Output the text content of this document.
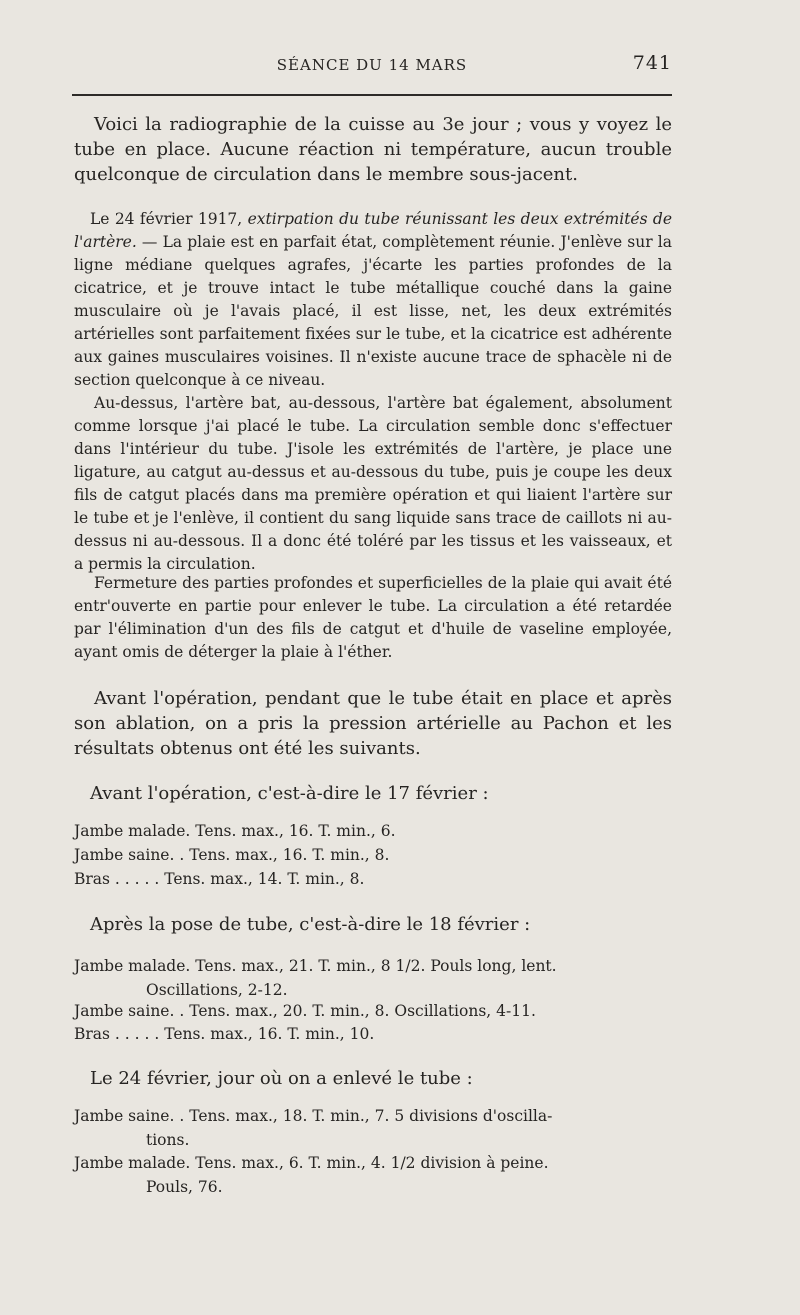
SÉANCE DU 14 MARS	741

Voici la radiographie de la cuisse au 3e jour ; vous y voyez le tube en place. Aucune réaction ni température, aucun trouble quelconque de circulation dans le membre sous-jacent.

Le 24 février 1917, extirpation du tube réunissant les deux extrémités de l'artère. — La plaie est en parfait état, complètement réunie. J'enlève sur la ligne médiane quelques agrafes, j'écarte les parties profondes de la cicatrice, et je trouve intact le tube métallique couché dans la gaine musculaire où je l'avais placé, il est lisse, net, les deux extrémités artérielles sont parfaitement fixées sur le tube, et la cicatrice est adhérente aux gaines musculaires voisines. Il n'existe aucune trace de sphacèle ni de section quelconque à ce niveau.

Au-dessus, l'artère bat, au-dessous, l'artère bat également, absolument comme lorsque j'ai placé le tube. La circulation semble donc s'effectuer dans l'intérieur du tube. J'isole les extrémités de l'artère, je place une ligature, au catgut au-dessus et au-dessous du tube, puis je coupe les deux fils de catgut placés dans ma première opération et qui liaient l'artère sur le tube et je l'enlève, il contient du sang liquide sans trace de caillots ni au-dessus ni au-dessous. Il a donc été toléré par les tissus et les vaisseaux, et a permis la circulation.

Fermeture des parties profondes et superficielles de la plaie qui avait été entr'ouverte en partie pour enlever le tube. La circulation a été retardée par l'élimination d'un des fils de catgut et d'huile de vaseline employée, ayant omis de déterger la plaie à l'éther.

Avant l'opération, pendant que le tube était en place et après son ablation, on a pris la pression artérielle au Pachon et les résultats obtenus ont été les suivants.

Avant l'opération, c'est-à-dire le 17 février :
Jambe malade. Tens. max., 16. T. min., 6.
Jambe saine. . Tens. max., 16. T. min., 8.
Bras . . . . . Tens. max., 14. T. min., 8.
Après la pose de tube, c'est-à-dire le 18 février :
Jambe malade. Tens. max., 21. T. min., 8 1/2. Pouls long, lent.
Oscillations, 2-12.
Jambe saine. . Tens. max., 20. T. min., 8. Oscillations, 4-11.
Bras . . . . . Tens. max., 16. T. min., 10.
Le 24 février, jour où on a enlevé le tube :
Jambe saine. . Tens. max., 18. T. min., 7. 5 divisions d'oscilla-
tions.
Jambe malade. Tens. max., 6. T. min., 4. 1/2 division à peine.
Pouls, 76.
